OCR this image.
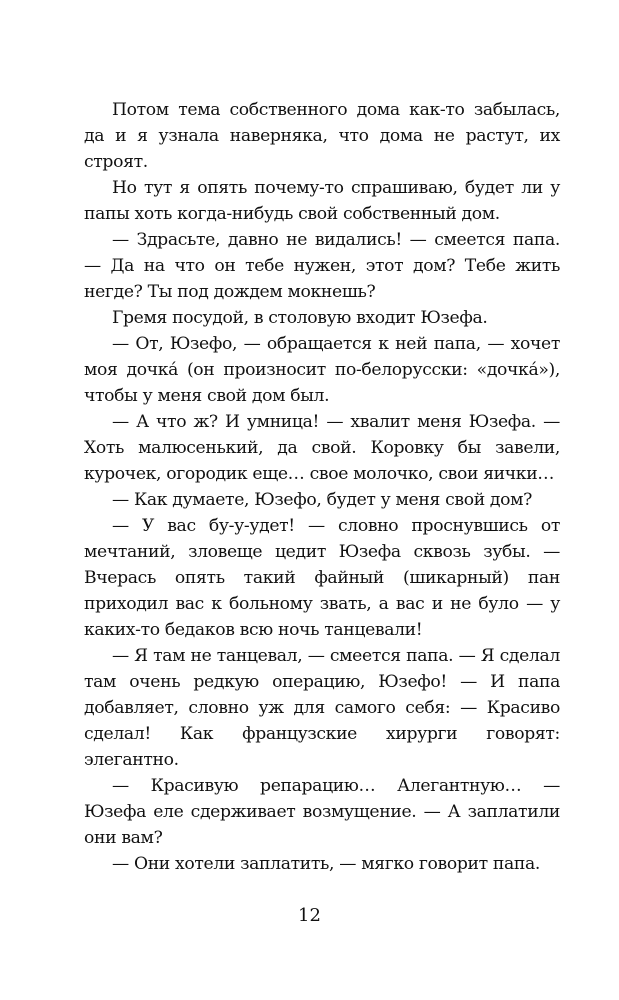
Потом тема собственного дома как-то забылась, да и я узнала наверняка, что дома не растут, их строят.

Но тут я опять почему-то спрашиваю, будет ли у папы хоть когда-нибудь свой собственный дом.

— Здрасьте, давно не видались! — смеется папа. — Да на что он тебе нужен, этот дом? Тебе жить негде? Ты под дождем мокнешь?

Гремя посудой, в столовую входит Юзефа.

— От, Юзефо, — обращается к ней папа, — хочет моя дочка́ (он произносит по-белорусски: «дочка́»), чтобы у меня свой дом был.

— А что ж? И умница! — хвалит меня Юзефа. — Хоть малюсенький, да свой. Коровку бы завели, курочек, огородик еще… свое молочко, свои яички…

— Как думаете, Юзефо, будет у меня свой дом?

— У вас бу-у-удет! — словно проснувшись от мечтаний, зловеще цедит Юзефа сквозь зубы. — Вчерась опять такий файный (шикарный) пан приходил вас к больному звать, а вас и не було — у каких-то бедаков всю ночь танцевали!

— Я там не танцевал, — смеется папа. — Я сделал там очень редкую операцию, Юзефо! — И папа добавляет, словно уж для самого себя: — Красиво сделал! Как французские хирурги говорят: элегантно.

— Красивую репарацию… Алегантную… — Юзефа еле сдерживает возмущение. — А заплатили они вам?

— Они хотели заплатить, — мягко говорит папа.

12
